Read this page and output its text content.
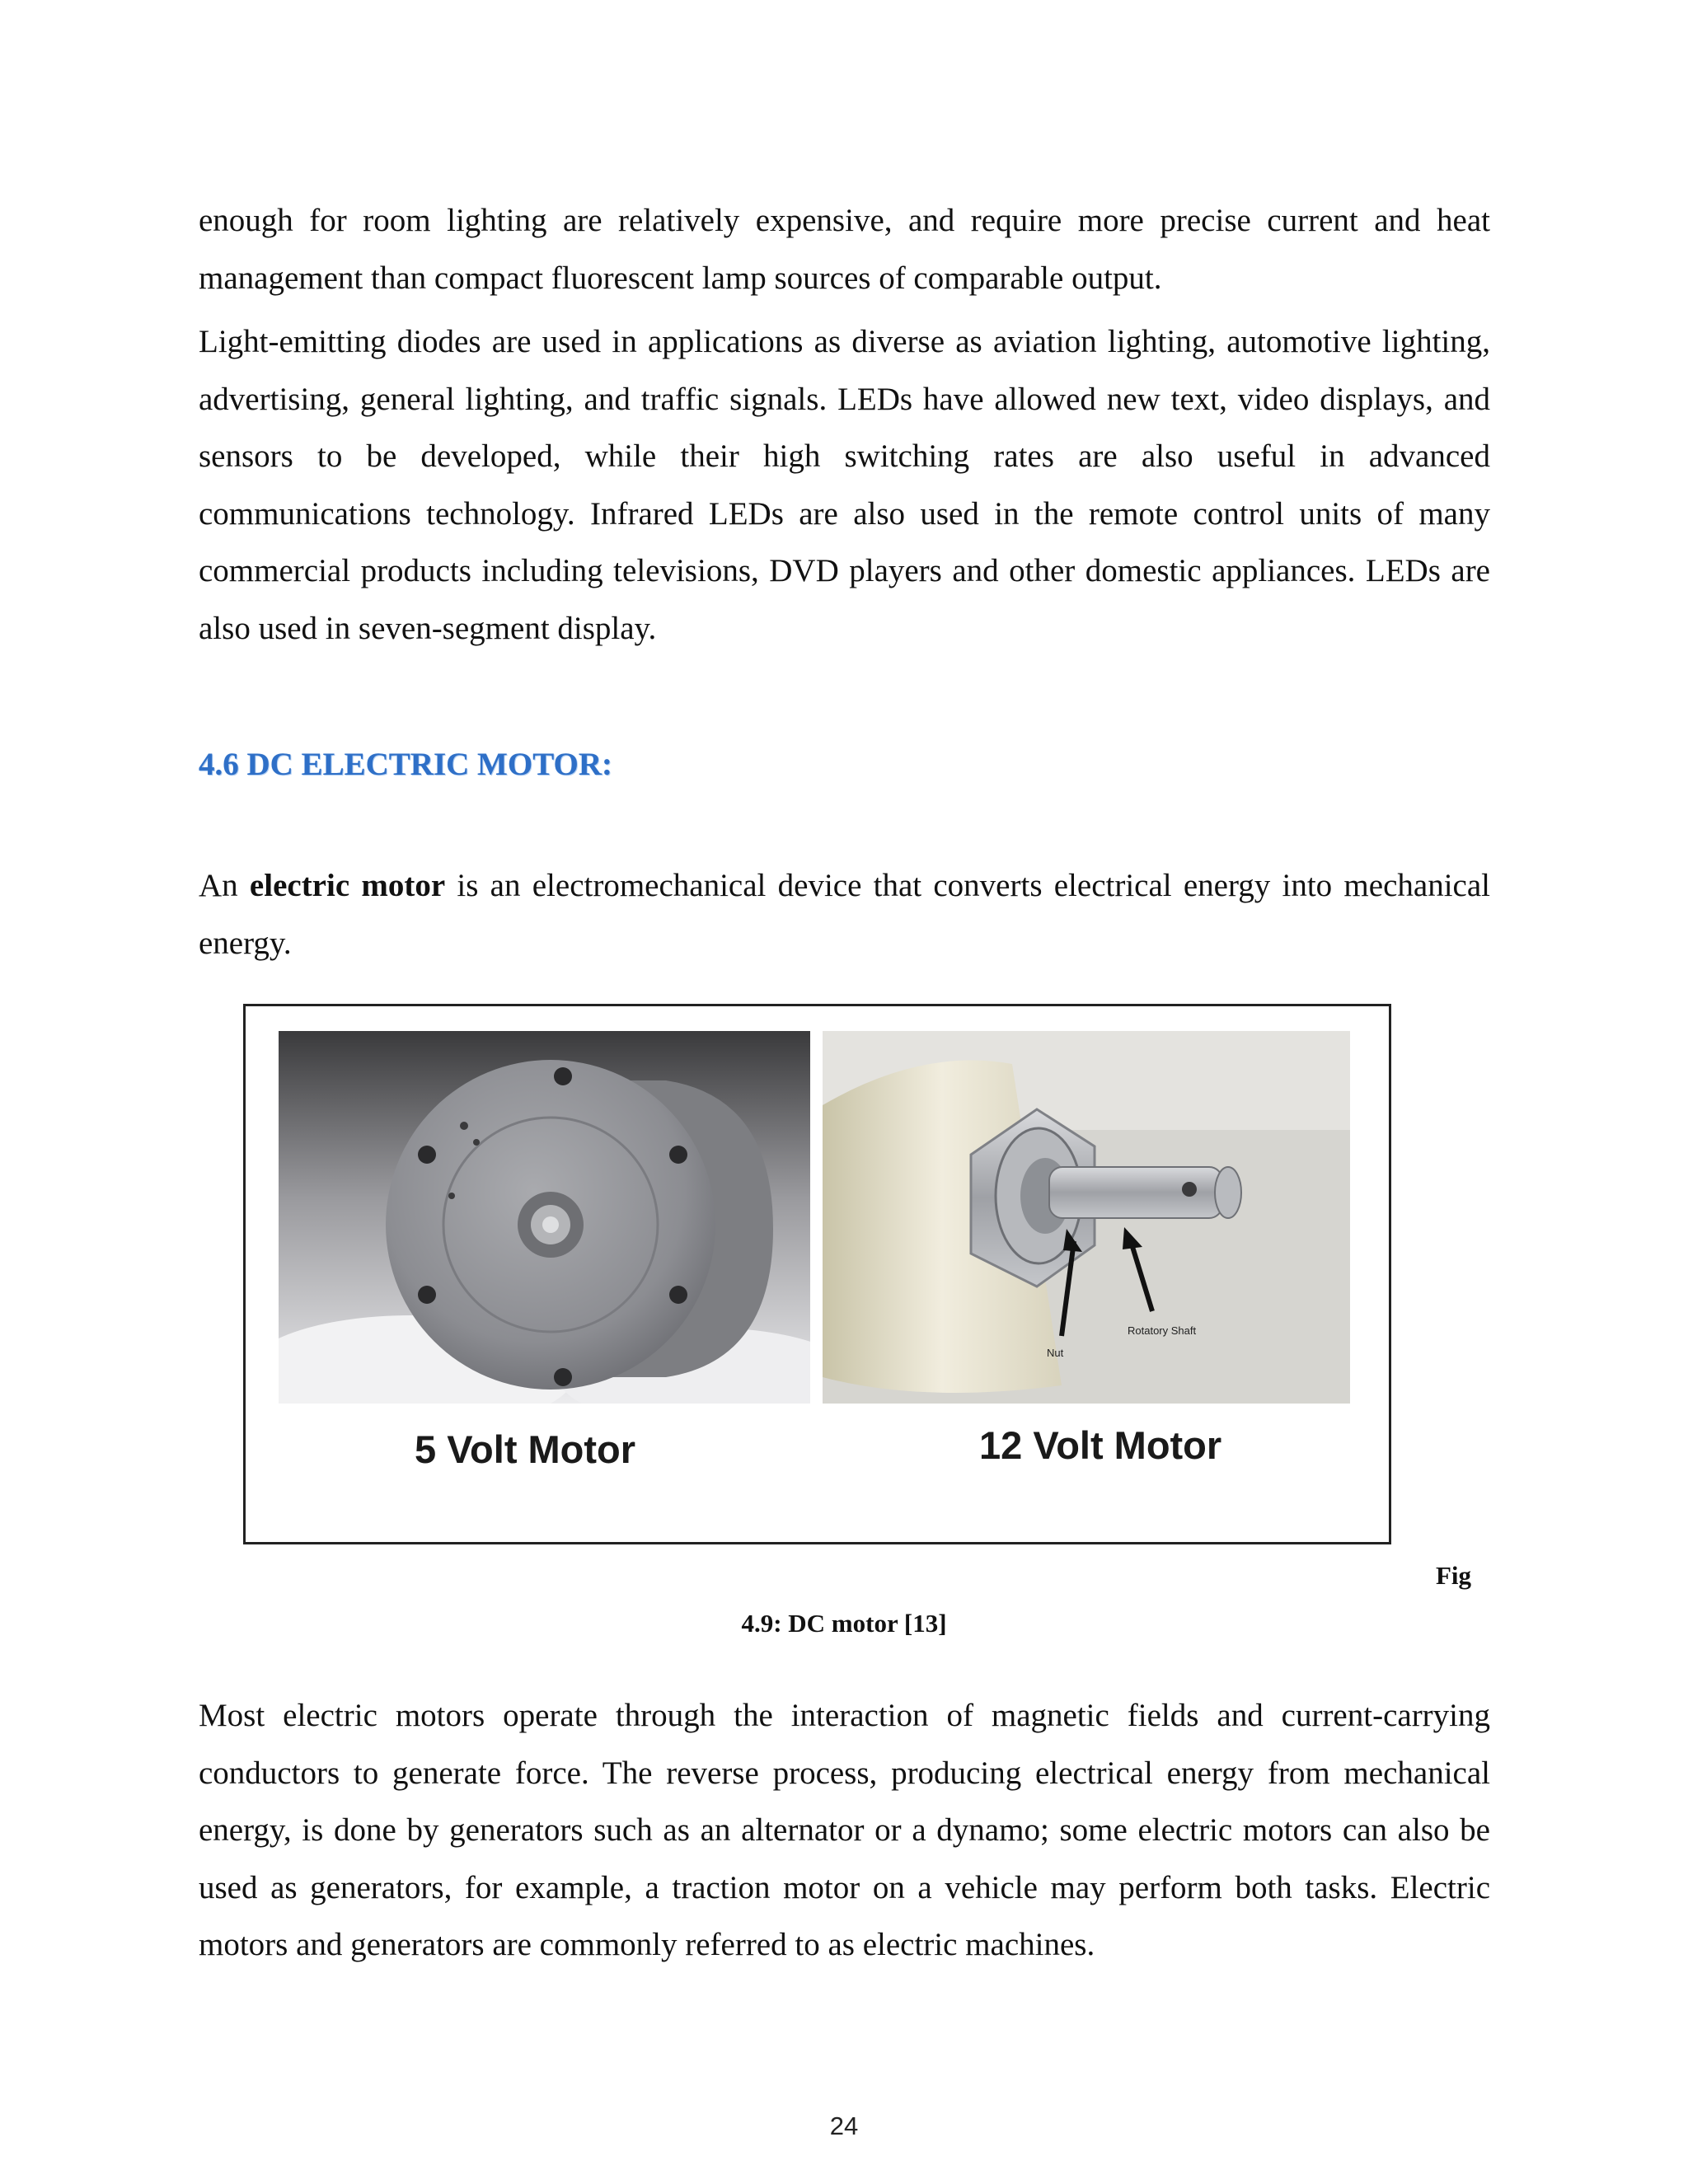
enough for room lighting are relatively expensive, and require more precise current and heat management than compact fluorescent lamp sources of comparable output.

Light-emitting diodes are used in applications as diverse as aviation lighting, automotive lighting, advertising, general lighting, and traffic signals. LEDs have allowed new text, video displays, and sensors to be developed, while their high switching rates are also useful in advanced communications technology. Infrared LEDs are also used in the remote control units of many commercial products including televisions, DVD players and other domestic appliances. LEDs are also used in seven-segment display.

4.6 DC ELECTRIC MOTOR:

An electric motor is an electromechanical device that converts electrical energy into mechanical energy.

Nut
Rotatory Shaft
5 Volt Motor	12 Volt Motor
Fig
4.9: DC motor [13]

Most electric motors operate through the interaction of magnetic fields and current-carrying conductors to generate force. The reverse process, producing electrical energy from mechanical energy, is done by generators such as an alternator or a dynamo; some electric motors can also be used as generators, for example, a traction motor on a vehicle may perform both tasks. Electric motors and generators are commonly referred to as electric machines.

24
